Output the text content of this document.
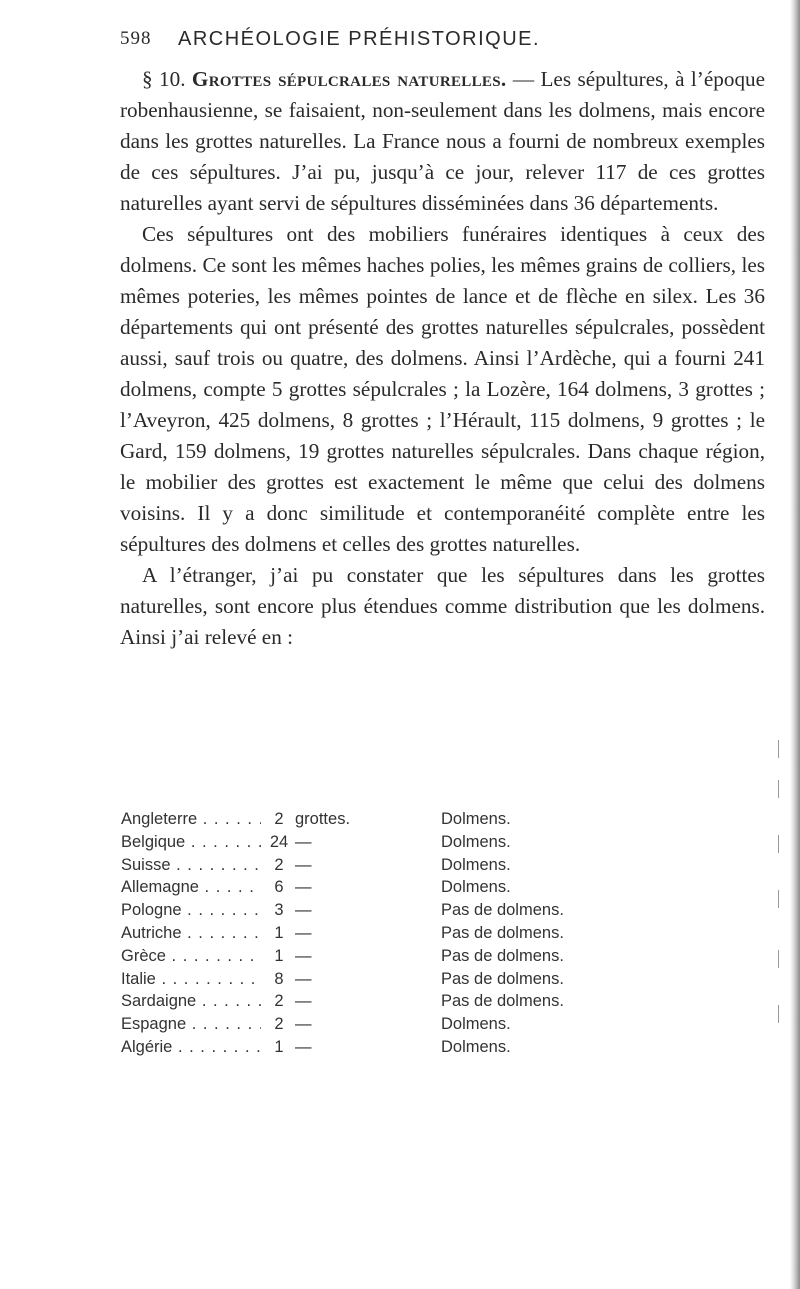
598 ARCHÉOLOGIE PRÉHISTORIQUE.

§ 10. Grottes sépulcrales naturelles. — Les sépultures, à l’époque robenhausienne, se faisaient, non-seulement dans les dolmens, mais encore dans les grottes naturelles. La France nous a fourni de nombreux exemples de ces sépultures. J’ai pu, jusqu’à ce jour, relever 117 de ces grottes naturelles ayant servi de sépultures disséminées dans 36 départements.

Ces sépultures ont des mobiliers funéraires identiques à ceux des dolmens. Ce sont les mêmes haches polies, les mêmes grains de colliers, les mêmes poteries, les mêmes pointes de lance et de flèche en silex. Les 36 départements qui ont présenté des grottes naturelles sépulcrales, possèdent aussi, sauf trois ou quatre, des dolmens. Ainsi l’Ardèche, qui a fourni 241 dolmens, compte 5 grottes sépulcrales ; la Lozère, 164 dolmens, 3 grottes ; l’Aveyron, 425 dolmens, 8 grottes ; l’Hérault, 115 dolmens, 9 grottes ; le Gard, 159 dolmens, 19 grottes naturelles sépulcrales. Dans chaque région, le mobilier des grottes est exactement le même que celui des dolmens voisins. Il y a donc similitude et contemporanéité complète entre les sépultures des dolmens et celles des grottes naturelles.

A l’étranger, j’ai pu constater que les sépultures dans les grottes naturelles, sont encore plus étendues comme distribution que les dolmens. Ainsi j’ai relevé en :

Angleterre . . .	2 grottes.	Dolmens.
Belgique . . .	24 —	Dolmens.
Suisse . . .	2 —	Dolmens.
Allemagne . . .	6 —	Dolmens.
Pologne . . .	3 —	Pas de dolmens.
Autriche . . .	1 —	Pas de dolmens.
Grèce . . .	1 —	Pas de dolmens.
Italie . . .	8 —	Pas de dolmens.
Sardaigne . . .	2 —	Pas de dolmens.
Espagne . . .	2 —	Dolmens.
Algérie . . .	1 —	Dolmens.
